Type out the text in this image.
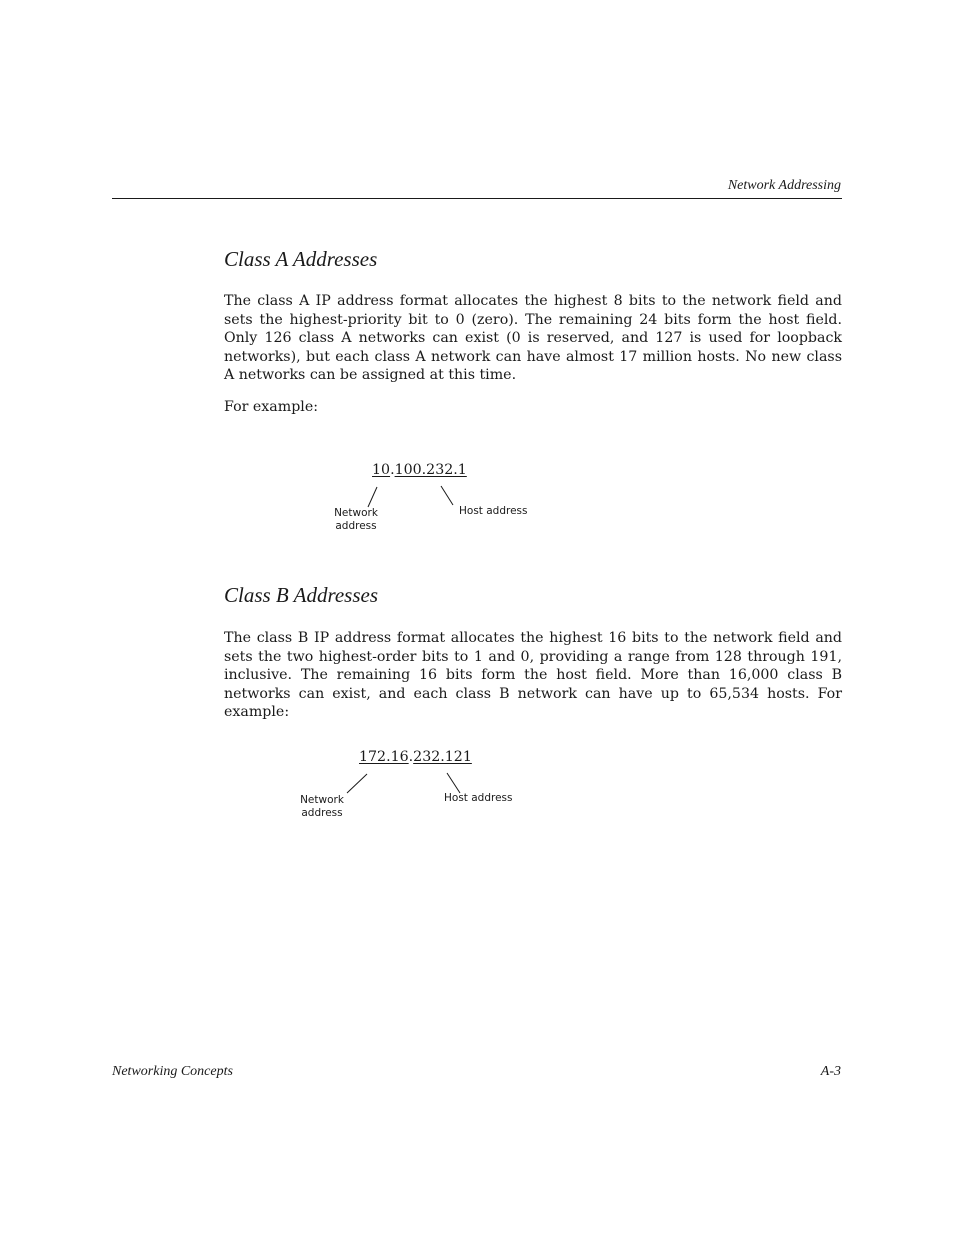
Network Addressing
Class A Addresses

The class A IP address format allocates the highest 8 bits to the network field and sets the highest-priority bit to 0 (zero). The remaining 24 bits form the host field. Only 126 class A networks can exist (0 is reserved, and 127 is used for loopback networks), but each class A network can have almost 17 million hosts. No new class A networks can be assigned at this time.

For example:

10.100.232.1
Network
address
Host address
Class B Addresses

The class B IP address format allocates the highest 16 bits to the network field and sets the two highest-order bits to 1 and 0, providing a range from 128 through 191, inclusive. The remaining 16 bits form the host field. More than 16,000 class B networks can exist, and each class B network can have up to 65,534 hosts. For example:

172.16.232.121
Network
address
Host address
Networking Concepts	A-3
